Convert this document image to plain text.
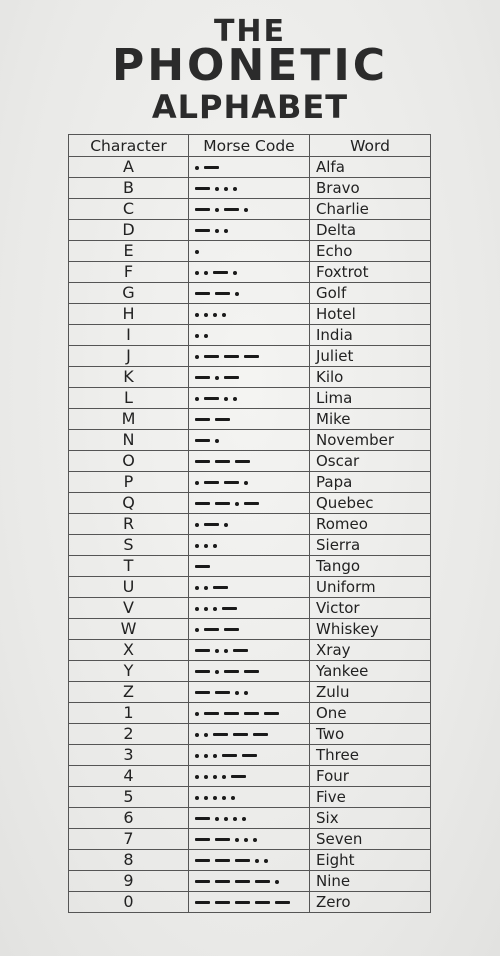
THE
PHONETIC
ALPHABET
Character	Morse Code	Word
A		Alfa
B		Bravo
C		Charlie
D		Delta
E		Echo
F		Foxtrot
G		Golf
H		Hotel
I		India
J		Juliet
K		Kilo
L		Lima
M		Mike
N		November
O		Oscar
P		Papa
Q		Quebec
R		Romeo
S		Sierra
T		Tango
U		Uniform
V		Victor
W		Whiskey
X		Xray
Y		Yankee
Z		Zulu
1		One
2		Two
3		Three
4		Four
5		Five
6		Six
7		Seven
8		Eight
9		Nine
0		Zero
